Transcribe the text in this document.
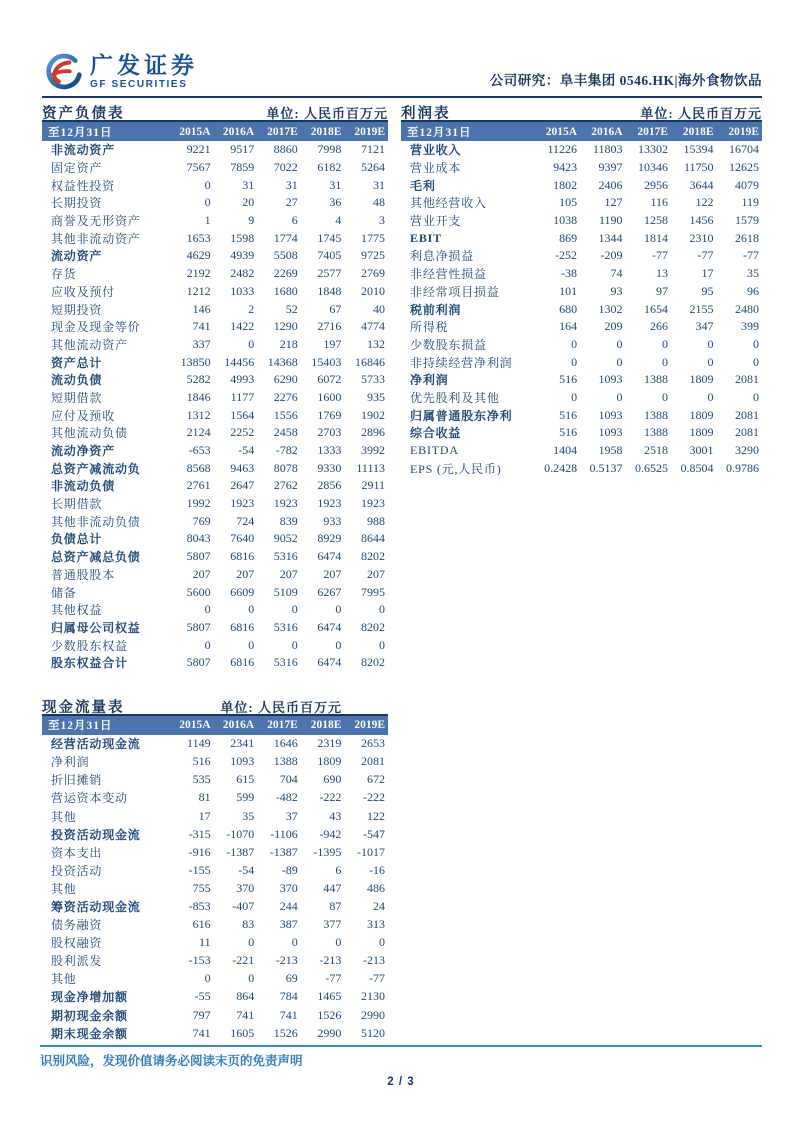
广发证券
GF SECURITIES	公司研究：阜丰集团 0546.HK|海外食物饮品
资产负债表	单位: 人民币百万元
至12月31日	2015A	2016A	2017E	2018E	2019E
非流动资产	9221	9517	8860	7998	7121
固定资产	7567	7859	7022	6182	5264
权益性投资	0	31	31	31	31
长期投资	0	20	27	36	48
商誉及无形资产	1	9	6	4	3
其他非流动资产	1653	1598	1774	1745	1775
流动资产	4629	4939	5508	7405	9725
存货	2192	2482	2269	2577	2769
应收及预付	1212	1033	1680	1848	2010
短期投资	146	2	52	67	40
现金及现金等价	741	1422	1290	2716	4774
其他流动资产	337	0	218	197	132
资产总计	13850	14456	14368	15403	16846
流动负债	5282	4993	6290	6072	5733
短期借款	1846	1177	2276	1600	935
应付及预收	1312	1564	1556	1769	1902
其他流动负债	2124	2252	2458	2703	2896
流动净资产	-653	-54	-782	1333	3992
总资产减流动负	8568	9463	8078	9330	11113
非流动负债	2761	2647	2762	2856	2911
长期借款	1992	1923	1923	1923	1923
其他非流动负债	769	724	839	933	988
负债总计	8043	7640	9052	8929	8644
总资产减总负债	5807	6816	5316	6474	8202
普通股股本	207	207	207	207	207
储备	5600	6609	5109	6267	7995
其他权益	0	0	0	0	0
归属母公司权益	5807	6816	5316	6474	8202
少数股东权益	0	0	0	0	0
股东权益合计	5807	6816	5316	6474	8202
现金流量表	单位: 人民币百万元
至12月31日	2015A	2016A	2017E	2018E	2019E
经营活动现金流	1149	2341	1646	2319	2653
净利润	516	1093	1388	1809	2081
折旧摊销	535	615	704	690	672
营运资本变动	81	599	-482	-222	-222
其他	17	35	37	43	122
投资活动现金流	-315	-1070	-1106	-942	-547
资本支出	-916	-1387	-1387	-1395	-1017
投资活动	-155	-54	-89	6	-16
其他	755	370	370	447	486
筹资活动现金流	-853	-407	244	87	24
债务融资	616	83	387	377	313
股权融资	11	0	0	0	0
股利派发	-153	-221	-213	-213	-213
其他	0	0	69	-77	-77
现金净增加额	-55	864	784	1465	2130
期初现金余额	797	741	741	1526	2990
期末现金余额	741	1605	1526	2990	5120
利润表	单位: 人民币百万元
至12月31日	2015A	2016A	2017E	2018E	2019E
营业收入	11226	11803	13302	15394	16704
营业成本	9423	9397	10346	11750	12625
毛利	1802	2406	2956	3644	4079
其他经营收入	105	127	116	122	119
营业开支	1038	1190	1258	1456	1579
EBIT	869	1344	1814	2310	2618
利息净损益	-252	-209	-77	-77	-77
非经营性损益	-38	74	13	17	35
非经常项目损益	101	93	97	95	96
税前利润	680	1302	1654	2155	2480
所得税	164	209	266	347	399
少数股东损益	0	0	0	0	0
非持续经营净利润	0	0	0	0	0
净利润	516	1093	1388	1809	2081
优先股利及其他	0	0	0	0	0
归属普通股东净利	516	1093	1388	1809	2081
综合收益	516	1093	1388	1809	2081
EBITDA	1404	1958	2518	3001	3290
EPS (元,人民币)	0.2428	0.5137	0.6525	0.8504	0.9786
识别风险，发现价值请务必阅读末页的免责声明
2 / 3
